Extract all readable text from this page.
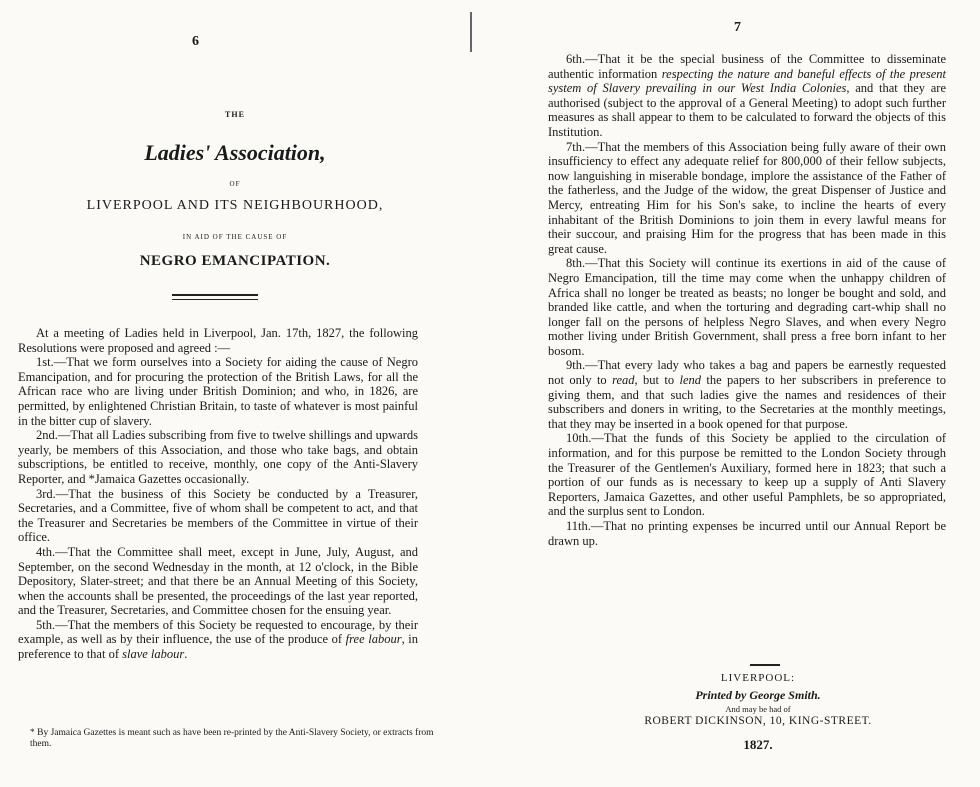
6
THE
Ladies' Association,
OF
LIVERPOOL AND ITS NEIGHBOURHOOD,
IN AID OF THE CAUSE OF
NEGRO EMANCIPATION.

At a meeting of Ladies held in Liverpool, Jan. 17th, 1827, the following Resolutions were proposed and agreed :—

1st.—That we form ourselves into a Society for aiding the cause of Negro Emancipation, and for procuring the protection of the British Laws, for all the African race who are living under British Dominion; and who, in 1826, are permitted, by enlightened Christian Britain, to taste of whatever is most painful in the bitter cup of slavery.

2nd.—That all Ladies subscribing from five to twelve shillings and upwards yearly, be members of this Association, and those who take bags, and obtain subscriptions, be entitled to receive, monthly, one copy of the Anti-Slavery Reporter, and *Jamaica Gazettes occasionally.

3rd.—That the business of this Society be conducted by a Treasurer, Secretaries, and a Committee, five of whom shall be competent to act, and that the Treasurer and Secretaries be members of the Committee in virtue of their office.

4th.—That the Committee shall meet, except in June, July, August, and September, on the second Wednesday in the month, at 12 o'clock, in the Bible Depository, Slater-street; and that there be an Annual Meeting of this Society, when the accounts shall be presented, the proceedings of the last year reported, and the Treasurer, Secretaries, and Committee chosen for the ensuing year.

5th.—That the members of this Society be requested to encourage, by their example, as well as by their influence, the use of the produce of free labour, in preference to that of slave labour.

* By Jamaica Gazettes is meant such as have been re-printed by the Anti-Slavery Society, or extracts from them.
7

6th.—That it be the special business of the Committee to disseminate authentic information respecting the nature and baneful effects of the present system of Slavery prevailing in our West India Colonies, and that they are authorised (subject to the approval of a General Meeting) to adopt such further measures as shall appear to them to be calculated to forward the objects of this Institution.

7th.—That the members of this Association being fully aware of their own insufficiency to effect any adequate relief for 800,000 of their fellow subjects, now languishing in miserable bondage, implore the assistance of the Father of the fatherless, and the Judge of the widow, the great Dispenser of Justice and Mercy, entreating Him for his Son's sake, to incline the hearts of every inhabitant of the British Dominions to join them in every lawful means for their succour, and praising Him for the progress that has been made in this great cause.

8th.—That this Society will continue its exertions in aid of the cause of Negro Emancipation, till the time may come when the unhappy children of Africa shall no longer be treated as beasts; no longer be bought and sold, and branded like cattle, and when the torturing and degrading cart-whip shall no longer fall on the persons of helpless Negro Slaves, and when every Negro mother living under British Government, shall press a free born infant to her bosom.

9th.—That every lady who takes a bag and papers be earnestly requested not only to read, but to lend the papers to her subscribers in preference to giving them, and that such ladies give the names and residences of their subscribers and doners in writing, to the Secretaries at the monthly meetings, that they may be inserted in a book opened for that purpose.

10th.—That the funds of this Society be applied to the circulation of information, and for this purpose be remitted to the London Society through the Treasurer of the Gentlemen's Auxiliary, formed here in 1823; that such a portion of our funds as is necessary to keep up a supply of Anti Slavery Reporters, Jamaica Gazettes, and other useful Pamphlets, be so appropriated, and the surplus sent to London.

11th.—That no printing expenses be incurred until our Annual Report be drawn up.

LIVERPOOL:
Printed by George Smith.
And may be had of
ROBERT DICKINSON, 10, KING-STREET.
1827.
